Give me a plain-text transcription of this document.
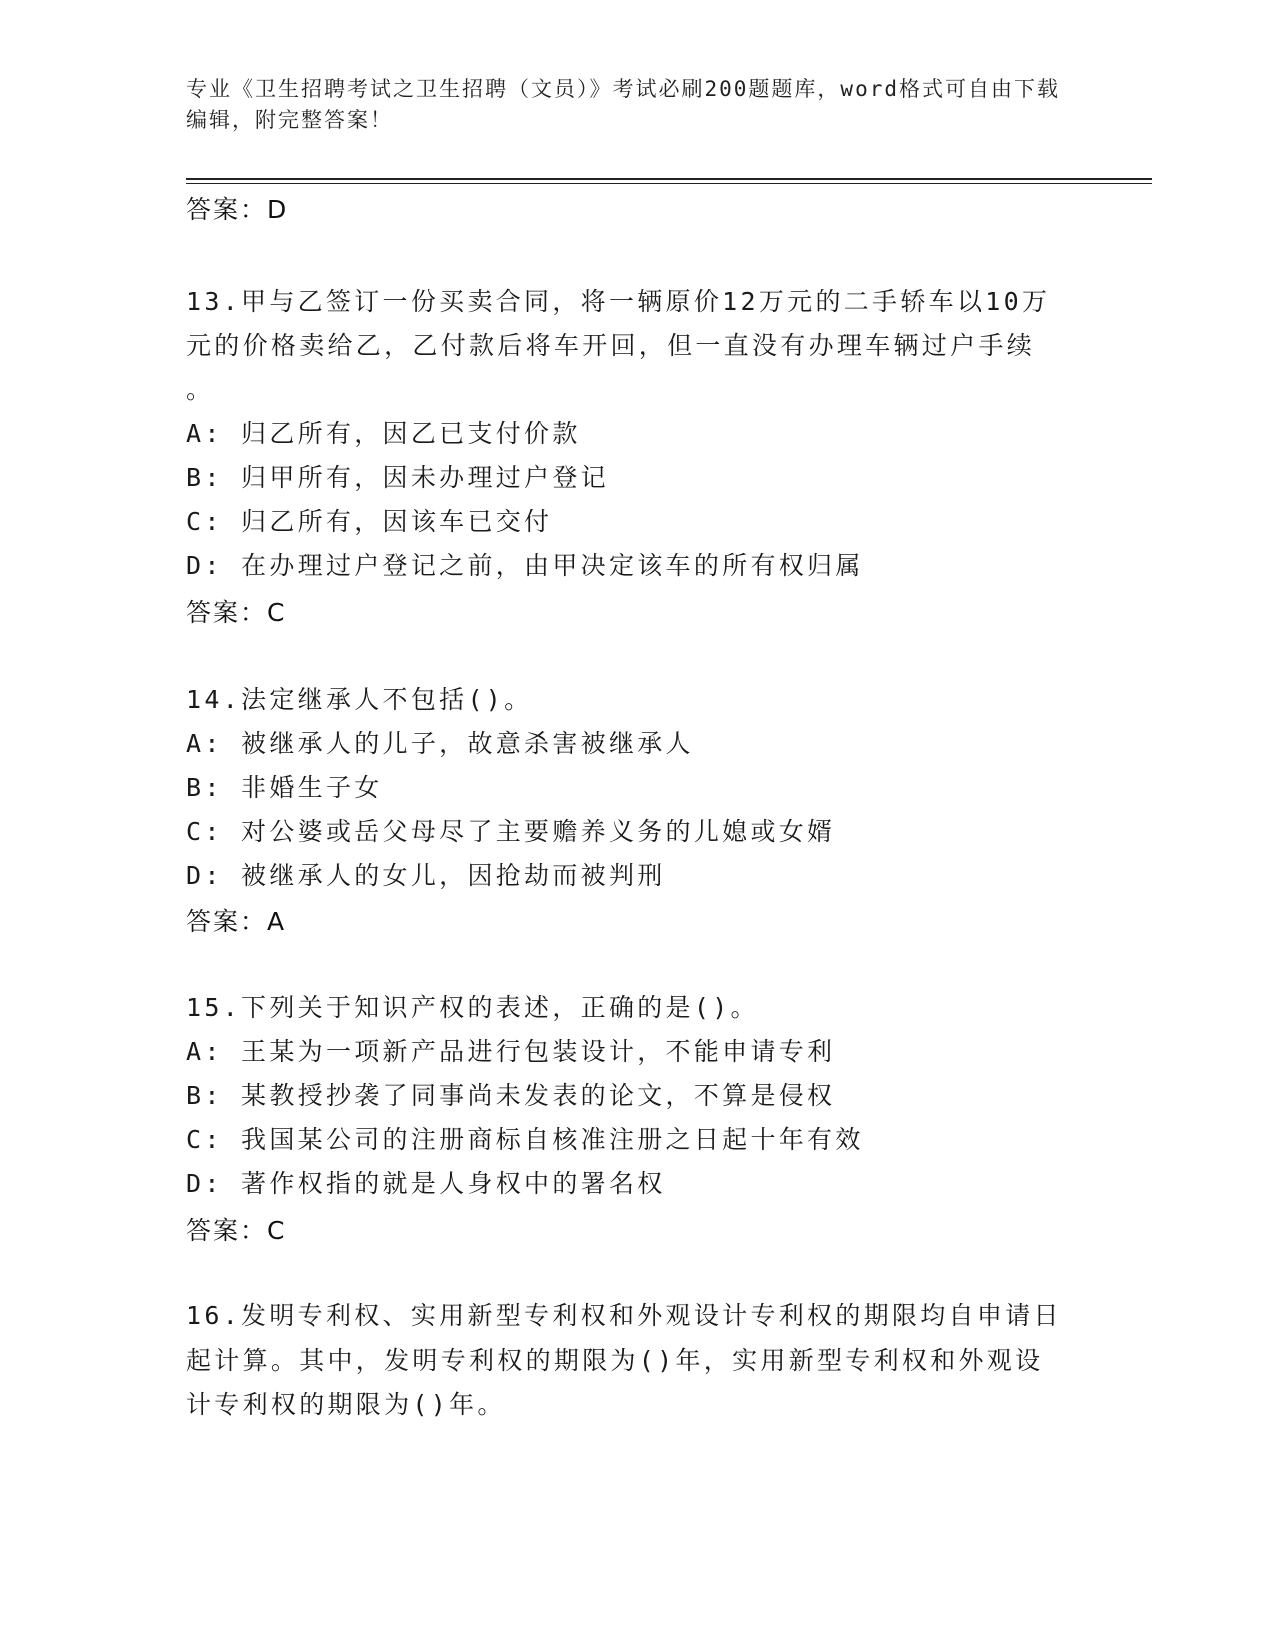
专业《卫生招聘考试之卫生招聘（文员）》考试必刷200题题库，word格式可自由下载编辑，附完整答案！
答案：D
13.甲与乙签订一份买卖合同，将一辆原价12万元的二手轿车以10万
元的价格卖给乙，乙付款后将车开回，但一直没有办理车辆过户手续
。
A: 归乙所有，因乙已支付价款
B: 归甲所有，因未办理过户登记
C: 归乙所有，因该车已交付
D: 在办理过户登记之前，由甲决定该车的所有权归属
答案：C
14.法定继承人不包括()。
A: 被继承人的儿子，故意杀害被继承人
B: 非婚生子女
C: 对公婆或岳父母尽了主要赡养义务的儿媳或女婿
D: 被继承人的女儿，因抢劫而被判刑
答案：A
15.下列关于知识产权的表述，正确的是()。
A: 王某为一项新产品进行包装设计，不能申请专利
B: 某教授抄袭了同事尚未发表的论文，不算是侵权
C: 我国某公司的注册商标自核准注册之日起十年有效
D: 著作权指的就是人身权中的署名权
答案：C
16.发明专利权、实用新型专利权和外观设计专利权的期限均自申请日
起计算。其中，发明专利权的期限为()年，实用新型专利权和外观设
计专利权的期限为()年。
